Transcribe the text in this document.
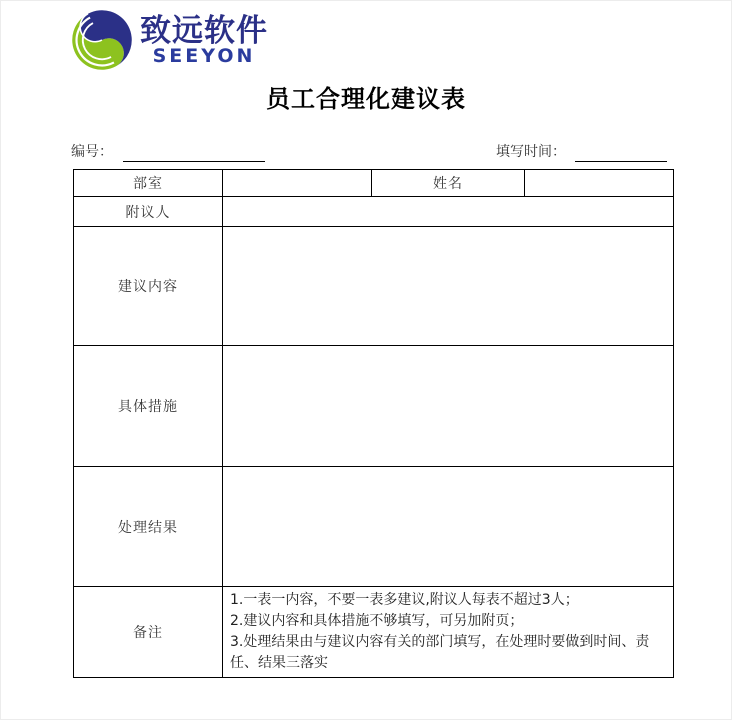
致远软件
SEEYON
员工合理化建议表
编号：	填写时间：
部室		姓名	
附议人			
建议内容			
具体措施			
处理结果			
备注	1.一表一内容，不要一表多建议,附议人每表不超过3人；
2.建议内容和具体措施不够填写，可另加附页；
3.处理结果由与建议内容有关的部门填写，在处理时要做到时间、责任、结果三落实		
